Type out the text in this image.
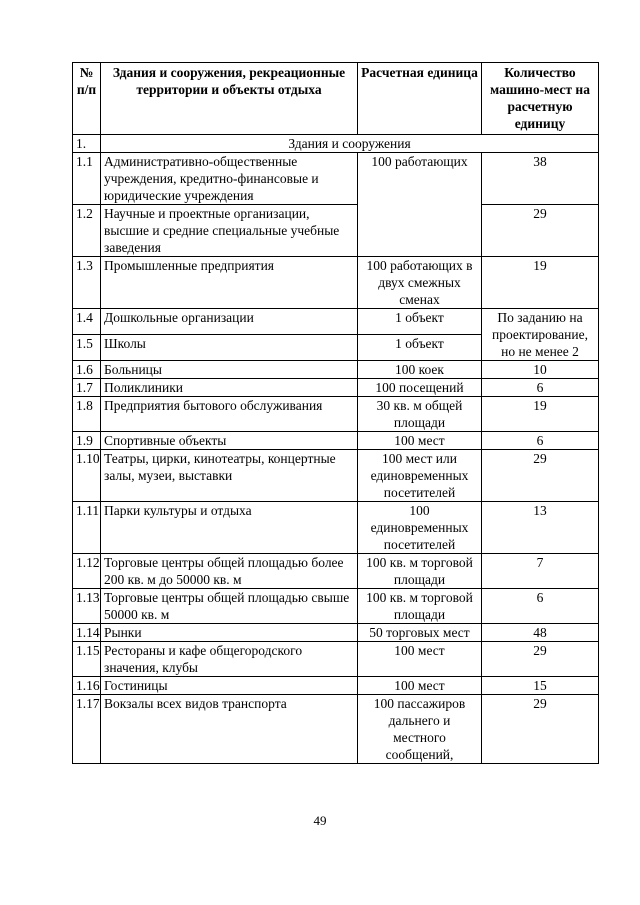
№ п/п	Здания и сооружения, рекреационные территории и объекты отдыха	Расчетная единица	Количество машино-мест на расчетную единицу
1.	Здания и сооружения		
1.1	Административно-общественные учреждения, кредитно-финансовые и юридические учреждения	100 работающих	38
1.2	Научные и проектные организации, высшие и средние специальные учебные заведения		29
1.3	Промышленные предприятия	100 работающих в двух смежных сменах	19
1.4	Дошкольные организации	1 объект	По заданию на проектирование, но не менее 2
1.5	Школы	1 объект	
1.6	Больницы	100 коек	10
1.7	Поликлиники	100 посещений	6
1.8	Предприятия бытового обслуживания	30 кв. м общей площади	19
1.9	Спортивные объекты	100 мест	6
1.10	Театры, цирки, кинотеатры, концертные залы, музеи, выставки	100 мест или единовременных посетителей	29
1.11	Парки культуры и отдыха	100 единовременных посетителей	13
1.12	Торговые центры общей площадью более 200 кв. м до 50000 кв. м	100 кв. м торговой площади	7
1.13	Торговые центры общей площадью свыше 50000 кв. м	100 кв. м торговой площади	6
1.14	Рынки	50 торговых мест	48
1.15	Рестораны и кафе общегородского значения, клубы	100 мест	29
1.16	Гостиницы	100 мест	15
1.17	Вокзалы всех видов транспорта	100 пассажиров дальнего и местного сообщений,	29
49
